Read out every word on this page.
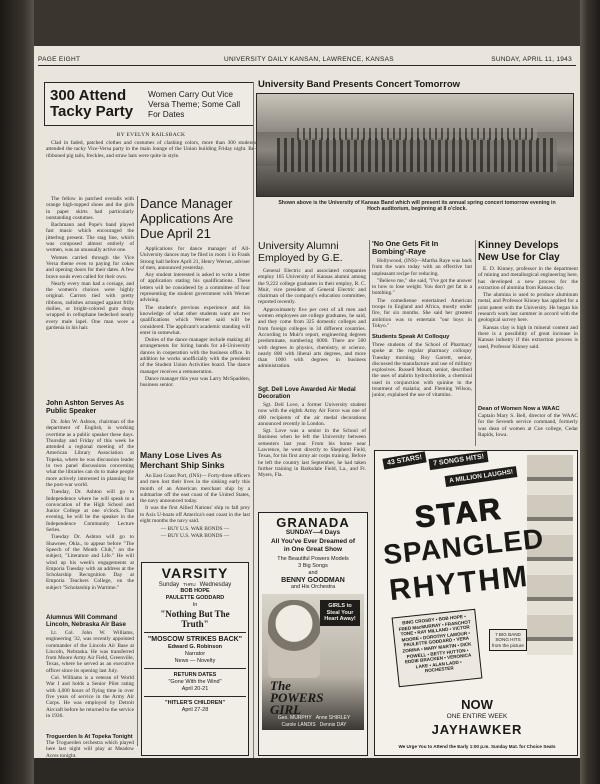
PAGE EIGHT	UNIVERSITY DAILY KANSAN, LAWRENCE, KANSAS	SUNDAY, APRIL 11, 1943
300 Attend Tacky Party
Women Carry Out Vice Versa Theme; Some Call For Dates
BY EVELYN RAILSBACK

Clad in faded, patched clothes and costumes of clashing colors, more than 300 students attended the tacky Vice-Versa party in the main lounge of the Union building Friday night. Be-ribboned pig tails, freckles, and straw hats were quite in style.

The fellow in patched overalls with orange high-topped shoes and the girls in paper skirts had particularly outstanding costumes.

Bachmann and Pope's band played fast music which encouraged the jitterbug present. The stag line, which was composed almost entirely of women, was an unusually active one.

Women carried through the Vice Versa theme even to paying for cokes and opening doors for their dates. A few brave souls even called for their own.

Nearly every man had a corsage, and the women's choices were highly original. Carrots tied with pretty ribbons, radishes arranged against frilly doilies, or bright-colored gum drops wrapped in cellophane bedecked nearly every male lapel. One man wore a gardenia in his hair.

John Ashton Serves As Public Speaker

Dr. John W. Ashton, chairman of the department of English, is working overtime as a public speaker these days. Thursday and Friday of this week he attended a regional meeting of the American Library Association at Topeka, where he was discussion leader in two panel discussions concerning what the libraries can do to make people more actively interested in planning for the post-war world.

Tuesday, Dr. Ashton will go to Independence where he will speak to a convocation of the High School and Junior College at one o'clock. That evening, he will be the speaker in the Independence Community Lecture Series.

Tuesday Dr. Ashton will go to Shawnee, Okla., to appear before "The Speech of the Month Club," on the subject, "Literature and Life." He will wind up his week's engagements at Emporia Tuesday with an address at the Scholarship Recognition Day at Emporia Teachers College, on the subject "Scholarship in Wartime."

Alumnus Will Command Lincoln, Nebraska Air Base

Lt. Col. John W. Williams, engineering '32, was recently appointed commander of the Lincoln Air Base at Lincoln, Nebraska. He was transferred from Moore Army Air Field, Greenville, Texas, where he served as an executive officer since its opening last July.

Col. Williams is a veteran of World War I and holds a Senior Pilot rating with 4,000 hours of flying time in over five years of service in the Army Air Corps. He was employed by Detroit Aircraft before he returned to the service in 1936.

Troguerden Is At Topeka Tonight
The Troguerden orchestra which played here last night will play at Meadow Acres tonight.
Dance Manager Applications Are Due April 21

Applications for dance manager of All-University dances may be filed in room 1 in Frank Strong hall before April 21, Henry Werner, adviser of men, announced yesterday.

Any student interested is asked to write a letter of application stating his qualifications. These letters will be considered by a committee of four representing the student government with Werner advising.

The student's previous experience and his knowledge of what other students want are two qualifications which Werner said will be considered. The applicant's academic standing will enter in somewhat.

Duties of the dance manager include making all arrangements for hiring bands for all-University dances in cooperation with the business office. In addition he works unofficially with the president of the Student Union Activities board. The dance manager receives a remuneration.

Dance manager this year was Larry McSpadden, business senior.

Many Lose Lives As Merchant Ship Sinks

An East Coast Port, (INS)— Forty-three officers and men lost their lives in the sinking early this month of an American merchant ship by a submarine off the east coast of the United States, the navy announced today.

It was the first Allied Nations' ship to fall prey to Axis U-boats off America's east coast in the last eight months the navy said.

— BUY U.S. WAR BONDS —
— BUY U.S. WAR BONDS —
VARSITY
Sunday THRU Wednesday
BOB HOPE
PAULETTE GODDARD
In
"Nothing But The Truth"
"MOSCOW STRIKES BACK"
Edward G. Robinson
Narrator
News — Novelty
RETURN DATES
"Gone With the Wind"
April 20-21
"HITLER'S CHILDREN"
April 27-28
University Band Presents Concert Tomorrow
Shown above is the University of Kansas Band which will present its annual spring concert tomorrow evening in Hoch auditorium, beginning at 8 o'clock.
University Alumni Employed by G.E.

General Electric and associated companies employ 165 University of Kansas alumni among the 9,222 college graduates in their employ, R. C. Muir, vice president of General Electric and chairman of the company's education committee, reported recently.

Approximately five per cent of all men and women employees are college graduates, he said, and they come from 325 domestic colleges and from foreign colleges in 34 different countries. According to Muir's report, engineering degrees predominate, numbering 6000. There are 500 with degrees in physics, chemistry, or science, nearly 800 with liberal arts degrees, and more than 1000 with degrees in business administration.

'No One Gets Fit In Bombing'-Raye

Hollywood, (INS)—Martha Raye was back from the wars today with an effective but unpleasant recipe for reducing.

"Believe me," she said, "I've got the answer to how to lose weight. You don't get fat in a bombing."

The comedienne entertained American troops in England and Africa, mostly under fire, for six months. She said her greatest ambition was to entertain "our boys in Tokyo."

Students Speak At Colloquy
Three students of the School of Pharmacy spoke at the regular pharmacy colloquy Tuesday morning. Roy Garrett, senior, discussed the manufacture and use of military explosives. Russell Mount, senior, described the uses of atabrin hydrochloride, a chemical used in conjunction with quinine in the treatment of malaria; and Fleming Wilson, junior, explained the use of vitamins.
Kinney Develops New Use for Clay

E. D. Kinney, professor in the department of mining and metallurgical engineering here, has developed a new process for the extraction of alumina from Kansas clay.

The alumina is used to produce aluminum metal, and Professor Kinney has applied for a joint patent with the University. He began his research work last summer in accord with the geological survey here.

Kansas clay is high in mineral content and there is a possibility of great increase in Kansas industry if this extraction process is used, Professor Kinney said.

Dean of Women Now a WAAC
Captain Mary S. Bell, director of the WAAC for the Seventh service command, formerly was dean of women at Coe college, Cedar Rapids, Iowa.
Sgt. Dell Love Awarded Air Medal Decoration

Sgt. Dell Love, a former University student now with the eighth Army Air Force was one of 400 recipients of the air medal decorations announced recently in London.

Sgt. Love was a senior in the School of Business when he left the University between semesters last year. From his home near Lawrence, he went directly to Shepherd Field, Texas, for his first army air corps training. Before he left the country last September, he had taken further training in Barksdale Field, La., and Ft. Myers, Fla.

GRANADA
SUNDAY—4 Days
All You've Ever Dreamed of in One Great Show
The Beautiful Powers Models
3 Big Songs
and
BENNY GOODMAN
and His Orchestra
GIRLS to Steal Your Heart Away!
The POWERS GIRL
Geo. MURPHY Anne SHIRLEY
Carole LANDIS Dennis DAY
43 STARS!	7 SONGS HITS!
A MILLION LAUGHS!
STAR
SPANGLED
RHYTHM
BING CROSBY • BOB HOPE • FRED MacMURRAY • FRANCHOT TONE • RAY MILLAND • VICTOR MOORE • DOROTHY LAMOUR • PAULETTE GODDARD • VERA ZORINA • MARY MARTIN • DICK POWELL • BETTY HUTTON • EDDIE BRACKEN • VERONICA LAKE • ALAN LADD • ROCHESTER
7 BIG BAND SONG HITS from the picture
NOW
ONE ENTIRE WEEK
JAYHAWKER
We Urge You to Attend the Early 1:00 p.m. Sunday Mat. for Choice Seats
